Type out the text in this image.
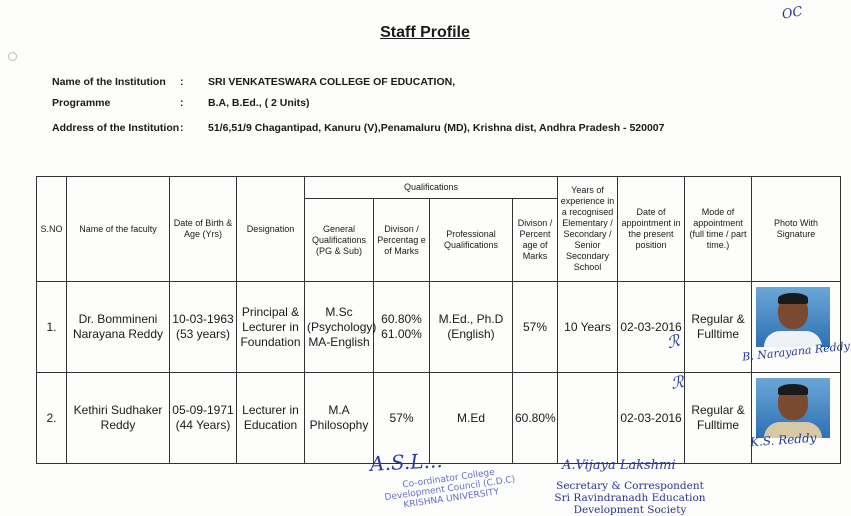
Staff Profile
OC
Name of the Institution : SRI VENKATESWARA COLLEGE OF EDUCATION,
Programme	: B.A, B.Ed., ( 2 Units)
Address of the Institution: 51/6,51/9 Chagantipad, Kanuru (V),Penamaluru (MD), Krishna dist, Andhra Pradesh - 520007
S.NO	Name of the faculty	Date of Birth & Age (Yrs)	Designation	Qualifications				Years of experience in a recognised Elementary / Secondary / Senior Secondary School	Date of appointment in the present position	Mode of appointment (full time / part time.)	Photo With Signature
				General Qualifications (PG & Sub)	Divison / Percentag e of Marks	Professional Qualifications	Divison / Percent age of Marks				
1.	Dr. Bommineni Narayana Reddy	10-03-1963 (53 years)	Principal & Lecturer in Foundation	M.Sc (Psychology) MA-English	60.80% 61.00%	M.Ed., Ph.D (English)	57%	10 Years	02-03-2016	Regular & Fulltime
ℛ	B. Narayana Reddy

2.	Kethiri Sudhaker Reddy	05-09-1971 (44 Years)	Lecturer in Education	M.A Philosophy	57%	M.Ed	60.80%		02-03-2016	Regular & Fulltime
ℛ	K.S. Reddy
A.S.L...
Co-ordinator College Development Council (C.D.C) KRISHNA UNIVERSITY
A.Vijaya Lakshmi
Secretary & Correspondent
Sri Ravindranadh Education
Development Society
